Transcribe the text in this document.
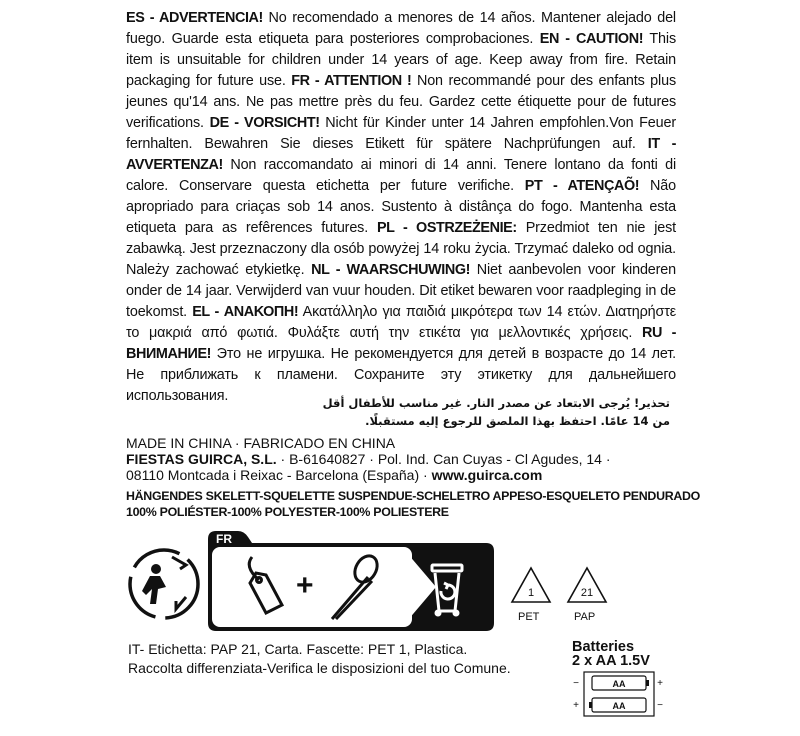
ES - ADVERTENCIA! No recomendado a menores de 14 años. Mantener alejado del fuego. Guarde esta etiqueta para posteriores comprobaciones. EN - CAUTION! This item is unsuitable for children under 14 years of age. Keep away from fire. Retain packaging for future use. FR - ATTENTION ! Non recommandé pour des enfants plus jeunes qu'14 ans. Ne pas mettre près du feu. Gardez cette étiquette pour de futures verifications. DE - VORSICHT! Nicht für Kinder unter 14 Jahren empfohlen.Von Feuer fernhalten. Bewahren Sie dieses Etikett für spätere Nachprüfungen auf. IT - AVVERTENZA! Non raccomandato ai minori di 14 anni. Tenere lontano da fonti di calore. Conservare questa etichetta per future verifiche. PT - ATENÇAÕ! Não apropriado para criaças sob 14 anos. Sustento à distânça do fogo. Mantenha esta etiqueta para as refêrences futures. PL - OSTRZEŻENIE: Przedmiot ten nie jest zabawką. Jest przeznaczony dla osób powyżej 14 roku życia. Trzymać daleko od ognia. Należy zachować etykietkę. NL - WAARSCHUWING! Niet aanbevolen voor kinderen onder de 14 jaar. Verwijderd van vuur houden. Dit etiket bewaren voor raadpleging in de toekomst. EL - ΑΝΑΚΟΠΗ! Ακατάλληλο για παιδιά μικρότερα των 14 ετών. Διατηρήστε το μακριά από φωτιά. Φυλάξτε αυτή την ετικέτα για μελλοντικές χρήσεις. RU - ВНИМАНИЕ! Это не игрушка. Не рекомендуется для детей в возрасте до 14 лет. Не приближать к пламени. Сохраните эту этикетку для дальнейшего использования.	تحذير! يُرجى الابتعاد عن مصدر النار. غير مناسب للأطفال أقل
من 14 عامًا. احتفظ بهذا الملصق للرجوع إليه مستقبلًا.
MADE IN CHINA · FABRICADO EN CHINA
FIESTAS GUIRCA, S.L. · B-61640827 · Pol. Ind. Can Cuyas - Cl Agudes, 14 ·
08110 Montcada i Reixac - Barcelona (España) · www.guirca.com
HÄNGENDES SKELETT-SQUELETTE SUSPENDUE-SCHELETRO APPESO-ESQUELETO PENDURADO
100% POLIÉSTER-100% POLYESTER-100% POLIESTERE
FR
+	1
PET
21
PAP
IT- Etichetta: PAP 21, Carta. Fascette: PET 1, Plastica.
Raccolta differenziata-Verifica le disposizioni del tuo Comune.
Batteries
2 x AA 1.5V
−	+
+	−
AA
AA
